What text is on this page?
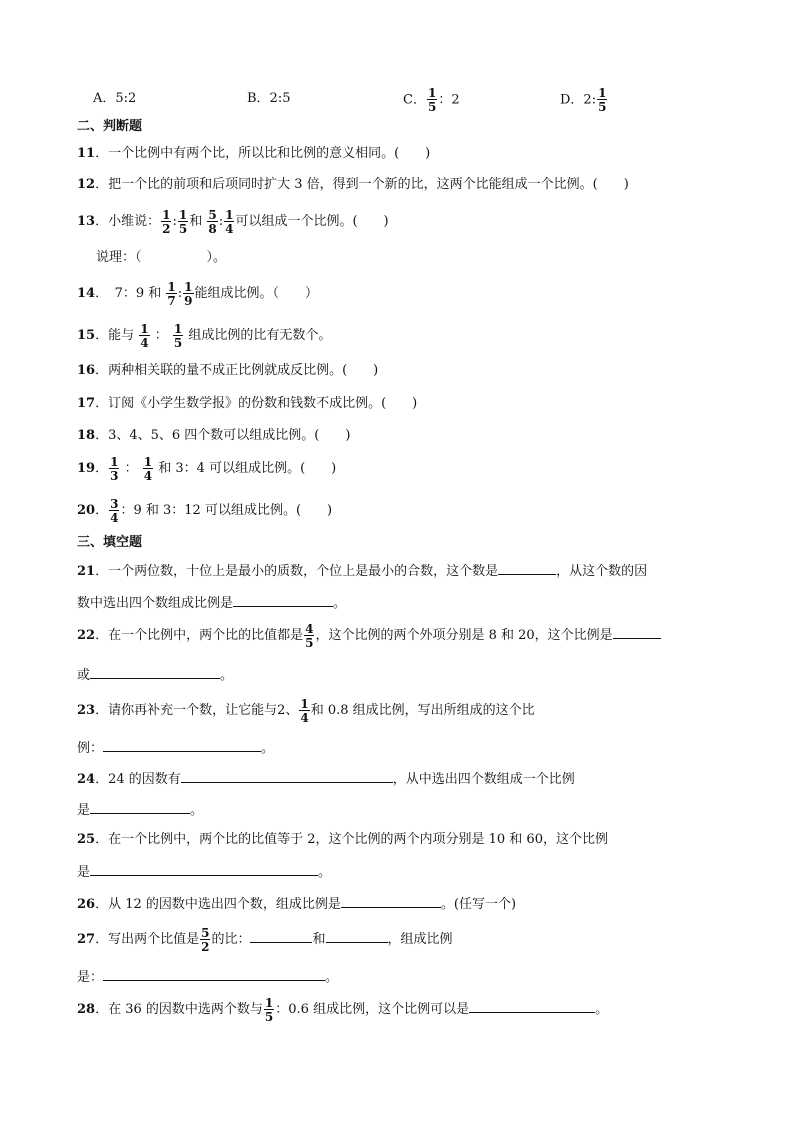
A．5:2	B．2:5	C． $\frac{1}{5}$ ：2	D．2: $\frac{1}{5}$
二、判断题
11．一个比例中有两个比，所以比和比例的意义相同。(　　)
12．把一个比的前项和后项同时扩大 3 倍，得到一个新的比，这两个比能组成一个比例。(　　)
13．小维说： $\frac{1}{2}$ : $\frac{1}{5}$ 和 $\frac{5}{8}$ : $\frac{1}{4}$ 可以组成一个比例。(　　)
说理：（　　　　　）。
14．　7：9 和 $\frac{1}{7}$ : $\frac{1}{9}$ 能组成比例。（　　）
15．能与 $\frac{1}{4}$ ： $\frac{1}{5}$ 组成比例的比有无数个。
16．两种相关联的量不成正比例就成反比例。(　　)
17．订阅《小学生数学报》的份数和钱数不成比例。(　　)
18．3、4、5、6 四个数可以组成比例。(　　)
19． $\frac{1}{3}$ ： $\frac{1}{4}$ 和 3：4 可以组成比例。(　　)
20． $\frac{3}{4}$ ：9 和 3：12 可以组成比例。(　　)
三、填空题
21．一个两位数，十位上是最小的质数，个位上是最小的合数，这个数是	，从这个数的因
数中选出四个数组成比例是	。
22．在一个比例中，两个比的比值都是 $\frac{4}{5}$ ，这个比例的两个外项分别是 8 和 20，这个比例是
或	。
23．请你再补充一个数，让它能与2、 $\frac{1}{4}$ 和 0.8 组成比例，写出所组成的这个比
例：	。
24．24 的因数有	，从中选出四个数组成一个比例
是	。
25．在一个比例中，两个比的比值等于 2，这个比例的两个内项分别是 10 和 60，这个比例
是	。
26．从 12 的因数中选出四个数，组成比例是	。(任写一个)
27．写出两个比值是 $\frac{5}{2}$ 的比：	和	，组成比例
是：	。
28．在 36 的因数中选两个数与 $\frac{1}{5}$ ：0.6 组成比例，这个比例可以是	。
